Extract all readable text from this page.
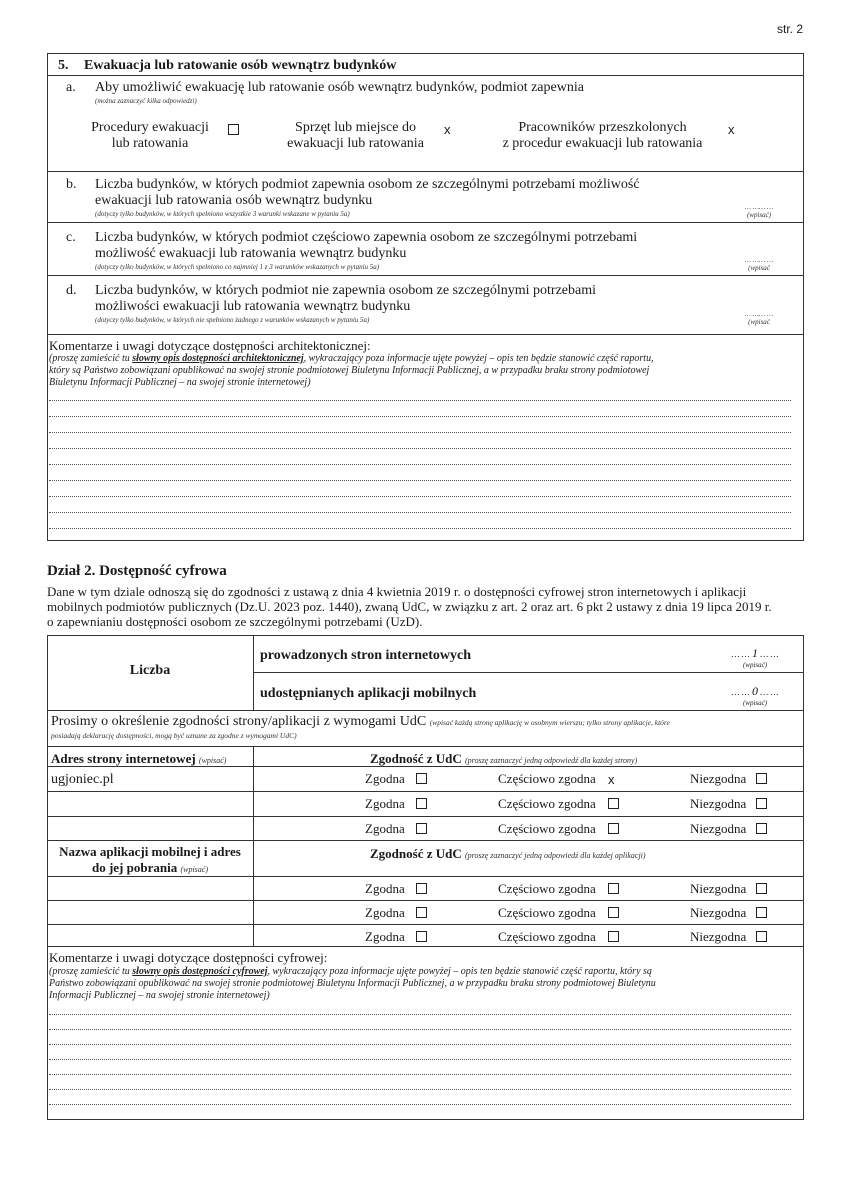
str. 2
5. Ewakuacja lub ratowanie osób wewnątrz budynków
a. Aby umożliwić ewakuację lub ratowanie osób wewnątrz budynków, podmiot zapewnia
(można zaznaczyć kilka odpowiedzi)
Procedury ewakuacji
lub ratowania
Sprzęt lub miejsce do
ewakuacji lub ratowania
x	Pracowników przeszkolonych
z procedur ewakuacji lub ratowania
x
b. Liczba budynków, w których podmiot zapewnia osobom ze szczególnymi potrzebami możliwość
ewakuacji lub ratowania osób wewnątrz budynku
(dotyczy tylko budynków, w których spełniono wszystkie 3 warunki wskazane w pytaniu 5a)
… …… …
(wpisać)
c. Liczba budynków, w których podmiot częściowo zapewnia osobom ze szczególnymi potrzebami
możliwość ewakuacji lub ratowania wewnątrz budynku
(dotyczy tylko budynków, w których spełniono co najmniej 1 z 3 warunków wskazanych w pytaniu 5a)
… …… …
(wpisać
d. Liczba budynków, w których podmiot nie zapewnia osobom ze szczególnymi potrzebami
możliwości ewakuacji lub ratowania wewnątrz budynku
(dotyczy tylko budynków, w których nie spełniono żadnego z warunków wskazanych w pytaniu 5a)
… …… …
(wpisać
Komentarze i uwagi dotyczące dostępności architektonicznej:
(proszę zamieścić tu słowny opis dostępności architektonicznej, wykraczający poza informacje ujęte powyżej – opis ten będzie stanowić część raportu,
który są Państwo zobowiązani opublikować na swojej stronie podmiotowej Biuletynu Informacji Publicznej, a w przypadku braku strony podmiotowej
Biuletynu Informacji Publicznej – na swojej stronie internetowej)
Dział 2. Dostępność cyfrowa
Dane w tym dziale odnoszą się do zgodności z ustawą z dnia 4 kwietnia 2019 r. o dostępności cyfrowej stron internetowych i aplikacji
mobilnych podmiotów publicznych (Dz.U. 2023 poz. 1440), zwaną UdC, w związku z art. 2 oraz art. 6 pkt 2 ustawy z dnia 19 lipca 2019 r.
o zapewnianiu dostępności osobom ze szczególnymi potrzebami (UzD).
Liczba
prowadzonych stron internetowych	… … 1 … …
(wpisać)
udostępnianych aplikacji mobilnych	… … 0 … …
(wpisać)
Prosimy o określenie zgodności strony/aplikacji z wymogami UdC (wpisać każdą stronę aplikację w osobnym wierszu; tylko strony aplikacje, które
posiadają deklarację dostępności, mogą być uznane za zgodne z wymogami UdC)
Adres strony internetowej (wpisać)	Zgodność z UdC (proszę zaznaczyć jedną odpowiedź dla każdej strony)
ugjoniec.pl	Zgodna	Częściowo zgodna x	Niezgodna
Zgodna	Częściowo zgodna	Niezgodna
Zgodna	Częściowo zgodna	Niezgodna
Nazwa aplikacji mobilnej i adres
do jej pobrania (wpisać)
Zgodność z UdC (proszę zaznaczyć jedną odpowiedź dla każdej aplikacji)
Zgodna	Częściowo zgodna	Niezgodna
Zgodna	Częściowo zgodna	Niezgodna
Zgodna	Częściowo zgodna	Niezgodna
Komentarze i uwagi dotyczące dostępności cyfrowej:
(proszę zamieścić tu słowny opis dostępności cyfrowej, wykraczający poza informacje ujęte powyżej – opis ten będzie stanowić część raportu, który są
Państwo zobowiązani opublikować na swojej stronie podmiotowej Biuletynu Informacji Publicznej, a w przypadku braku strony podmiotowej Biuletynu
Informacji Publicznej – na swojej stronie internetowej)
